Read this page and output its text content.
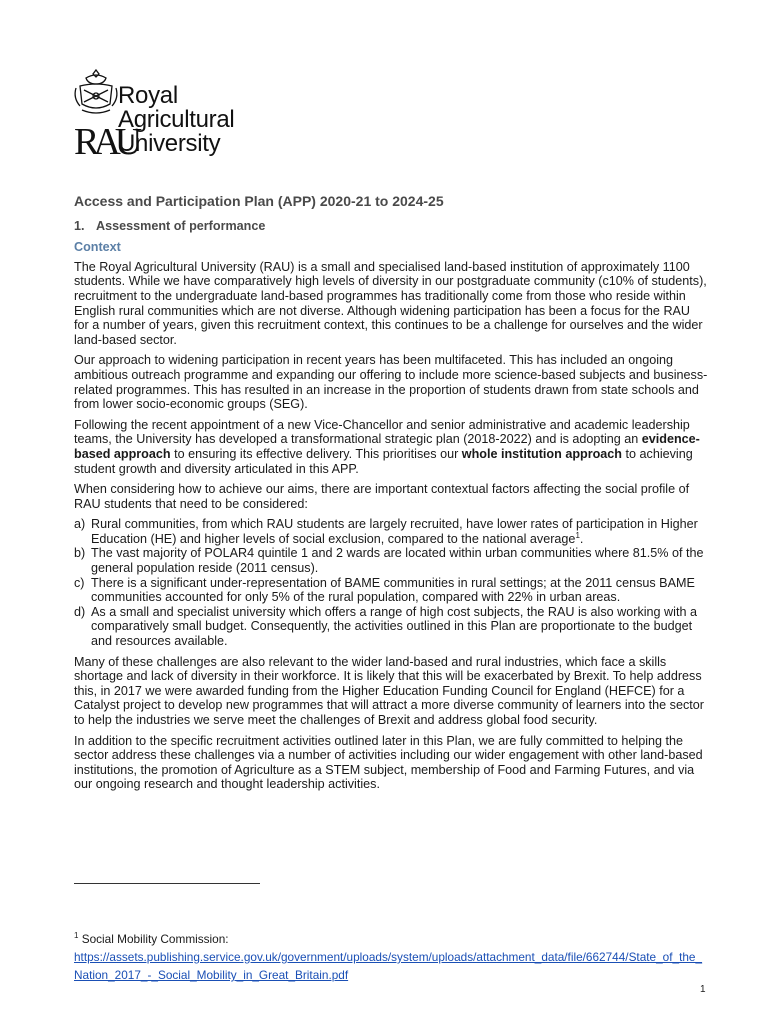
RAU
Royal
Agricultural
University
Access and Participation Plan (APP) 2020-21 to 2024-25
1. Assessment of performance
Context

The Royal Agricultural University (RAU) is a small and specialised land-based institution of approximately 1100 students. While we have comparatively high levels of diversity in our postgraduate community (c10% of students), recruitment to the undergraduate land-based programmes has traditionally come from those who reside within English rural communities which are not diverse. Although widening participation has been a focus for the RAU for a number of years, given this recruitment context, this continues to be a challenge for ourselves and the wider land-based sector.

Our approach to widening participation in recent years has been multifaceted. This has included an ongoing ambitious outreach programme and expanding our offering to include more science-based subjects and business-related programmes. This has resulted in an increase in the proportion of students drawn from state schools and from lower socio-economic groups (SEG).

Following the recent appointment of a new Vice-Chancellor and senior administrative and academic leadership teams, the University has developed a transformational strategic plan (2018-2022) and is adopting an evidence-based approach to ensuring its effective delivery. This prioritises our whole institution approach to achieving student growth and diversity articulated in this APP.

When considering how to achieve our aims, there are important contextual factors affecting the social profile of RAU students that need to be considered:

a) Rural communities, from which RAU students are largely recruited, have lower rates of participation in Higher Education (HE) and higher levels of social exclusion, compared to the national average$^1$.
b) The vast majority of POLAR4 quintile 1 and 2 wards are located within urban communities where 81.5% of the general population reside (2011 census).
c) There is a significant under-representation of BAME communities in rural settings; at the 2011 census BAME communities accounted for only 5% of the rural population, compared with 22% in urban areas.
d) As a small and specialist university which offers a range of high cost subjects, the RAU is also working with a comparatively small budget. Consequently, the activities outlined in this Plan are proportionate to the budget and resources available.

Many of these challenges are also relevant to the wider land-based and rural industries, which face a skills shortage and lack of diversity in their workforce. It is likely that this will be exacerbated by Brexit. To help address this, in 2017 we were awarded funding from the Higher Education Funding Council for England (HEFCE) for a Catalyst project to develop new programmes that will attract a more diverse community of learners into the sector to help the industries we serve meet the challenges of Brexit and address global food security.

In addition to the specific recruitment activities outlined later in this Plan, we are fully committed to helping the sector address these challenges via a number of activities including our wider engagement with other land-based institutions, the promotion of Agriculture as a STEM subject, membership of Food and Farming Futures, and via our ongoing research and thought leadership activities.

$^1$ Social Mobility Commission:
https://assets.publishing.service.gov.uk/government/uploads/system/uploads/attachment_data/file/662744/State_of_the_Nation_2017_-_Social_Mobility_in_Great_Britain.pdf
1
